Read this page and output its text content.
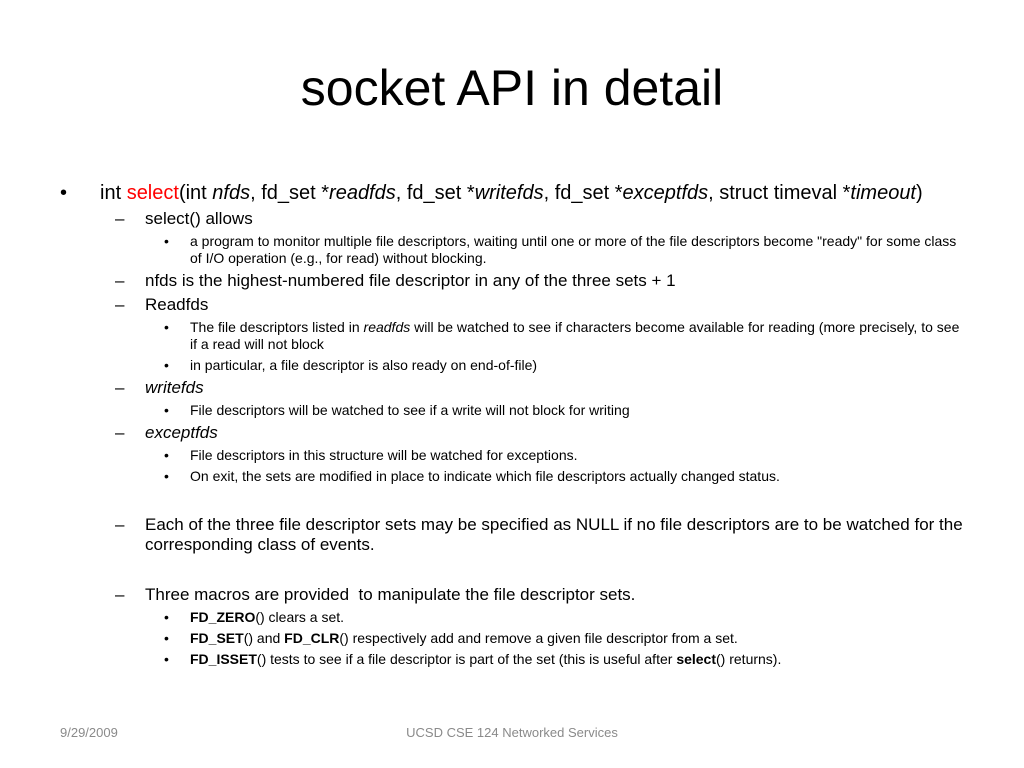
socket API in detail
• int select(int nfds, fd_set *readfds, fd_set *writefds, fd_set *exceptfds, struct timeval *timeout)
– select() allows
• a program to monitor multiple file descriptors, waiting until one or more of the file descriptors become "ready" for some class of I/O operation (e.g., for read) without blocking.
– nfds is the highest-numbered file descriptor in any of the three sets + 1
– Readfds
• The file descriptors listed in readfds will be watched to see if characters become available for reading (more precisely, to see if a read will not block
• in particular, a file descriptor is also ready on end-of-file)
– writefds
• File descriptors will be watched to see if a write will not block for writing
– exceptfds
• File descriptors in this structure will be watched for exceptions.
• On exit, the sets are modified in place to indicate which file descriptors actually changed status.
– Each of the three file descriptor sets may be specified as NULL if no file descriptors are to be watched for the corresponding class of events.
– Three macros are provided  to manipulate the file descriptor sets.
• FD_ZERO() clears a set.
• FD_SET() and FD_CLR() respectively add and remove a given file descriptor from a set.
• FD_ISSET() tests to see if a file descriptor is part of the set (this is useful after select() returns).
9/29/2009	UCSD CSE 124 Networked Services
